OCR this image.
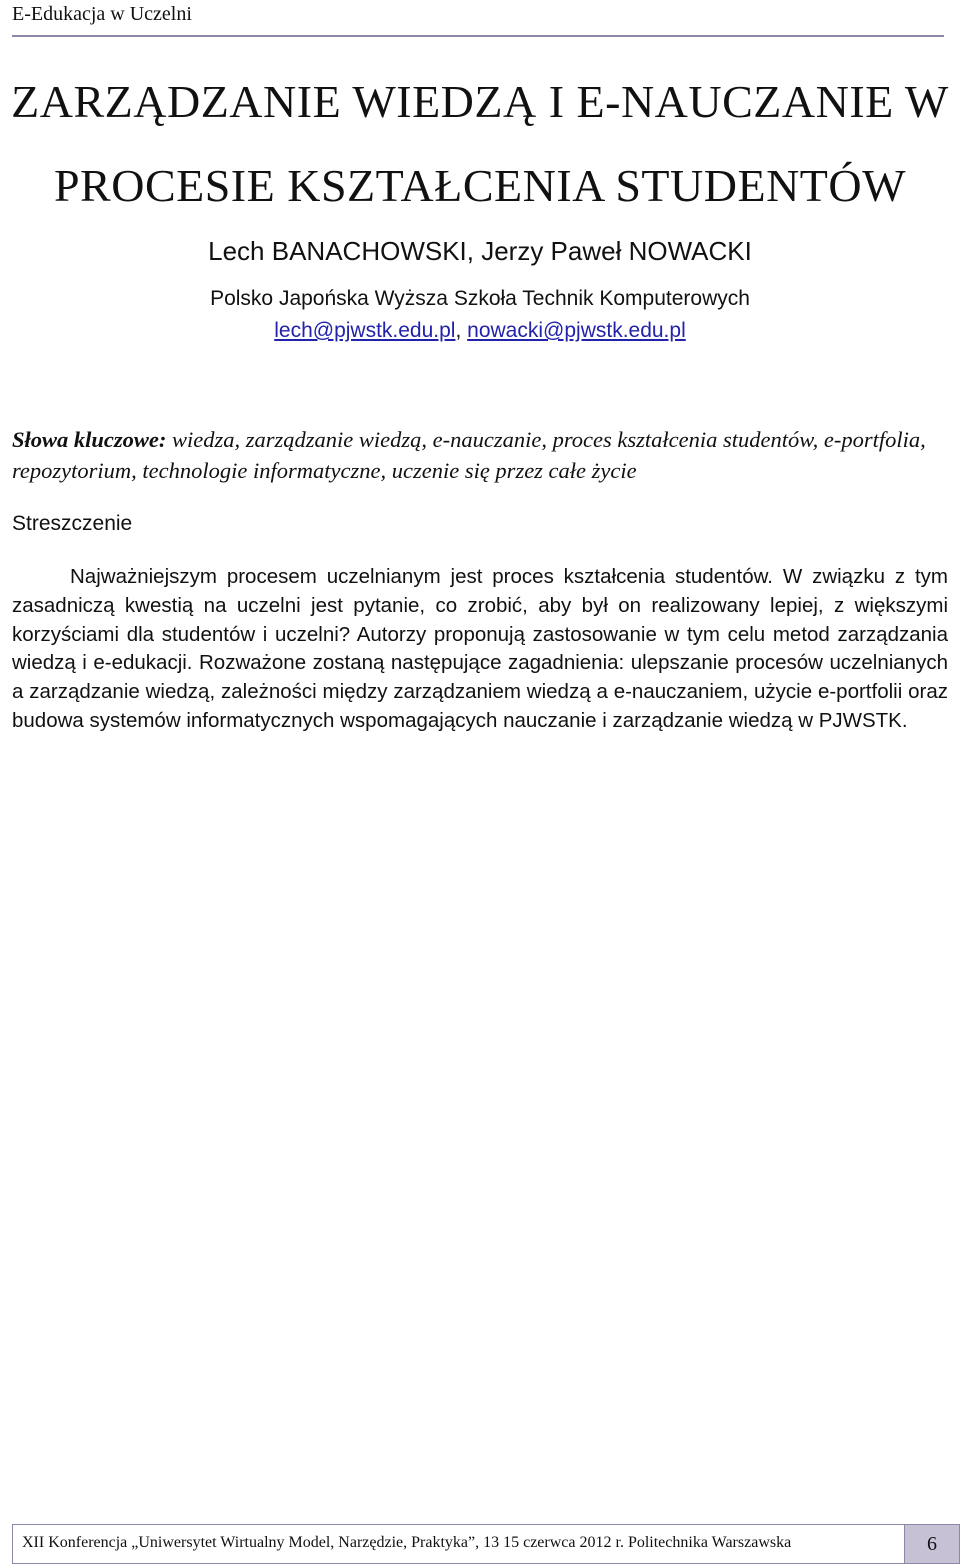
E-Edukacja w Uczelni
ZARZĄDZANIE WIEDZĄ I E-NAUCZANIE W
PROCESIE KSZTAŁCENIA STUDENTÓW
Lech BANACHOWSKI, Jerzy Paweł NOWACKI
Polsko Japońska Wyższa Szkoła Technik Komputerowych
lech@pjwstk.edu.pl, nowacki@pjwstk.edu.pl
Słowa kluczowe: wiedza, zarządzanie wiedzą, e-nauczanie, proces kształcenia studentów, e-portfolia, repozytorium, technologie informatyczne, uczenie się przez całe życie
Streszczenie

Najważniejszym procesem uczelnianym jest proces kształcenia studentów. W związku z tym zasadniczą kwestią na uczelni jest pytanie, co zrobić, aby był on realizowany lepiej, z większymi korzyściami dla studentów i uczelni? Autorzy proponują zastosowanie w tym celu metod zarządzania wiedzą i e-edukacji. Rozważone zostaną następujące zagadnienia: ulepszanie procesów uczelnianych a zarządzanie wiedzą, zależności między zarządzaniem wiedzą a e-nauczaniem, użycie e-portfolii oraz budowa systemów informatycznych wspomagających nauczanie i zarządzanie wiedzą w PJWSTK.

XII Konferencja „Uniwersytet Wirtualny Model, Narzędzie, Praktyka”, 13 15 czerwca 2012 r. Politechnika Warszawska	6
